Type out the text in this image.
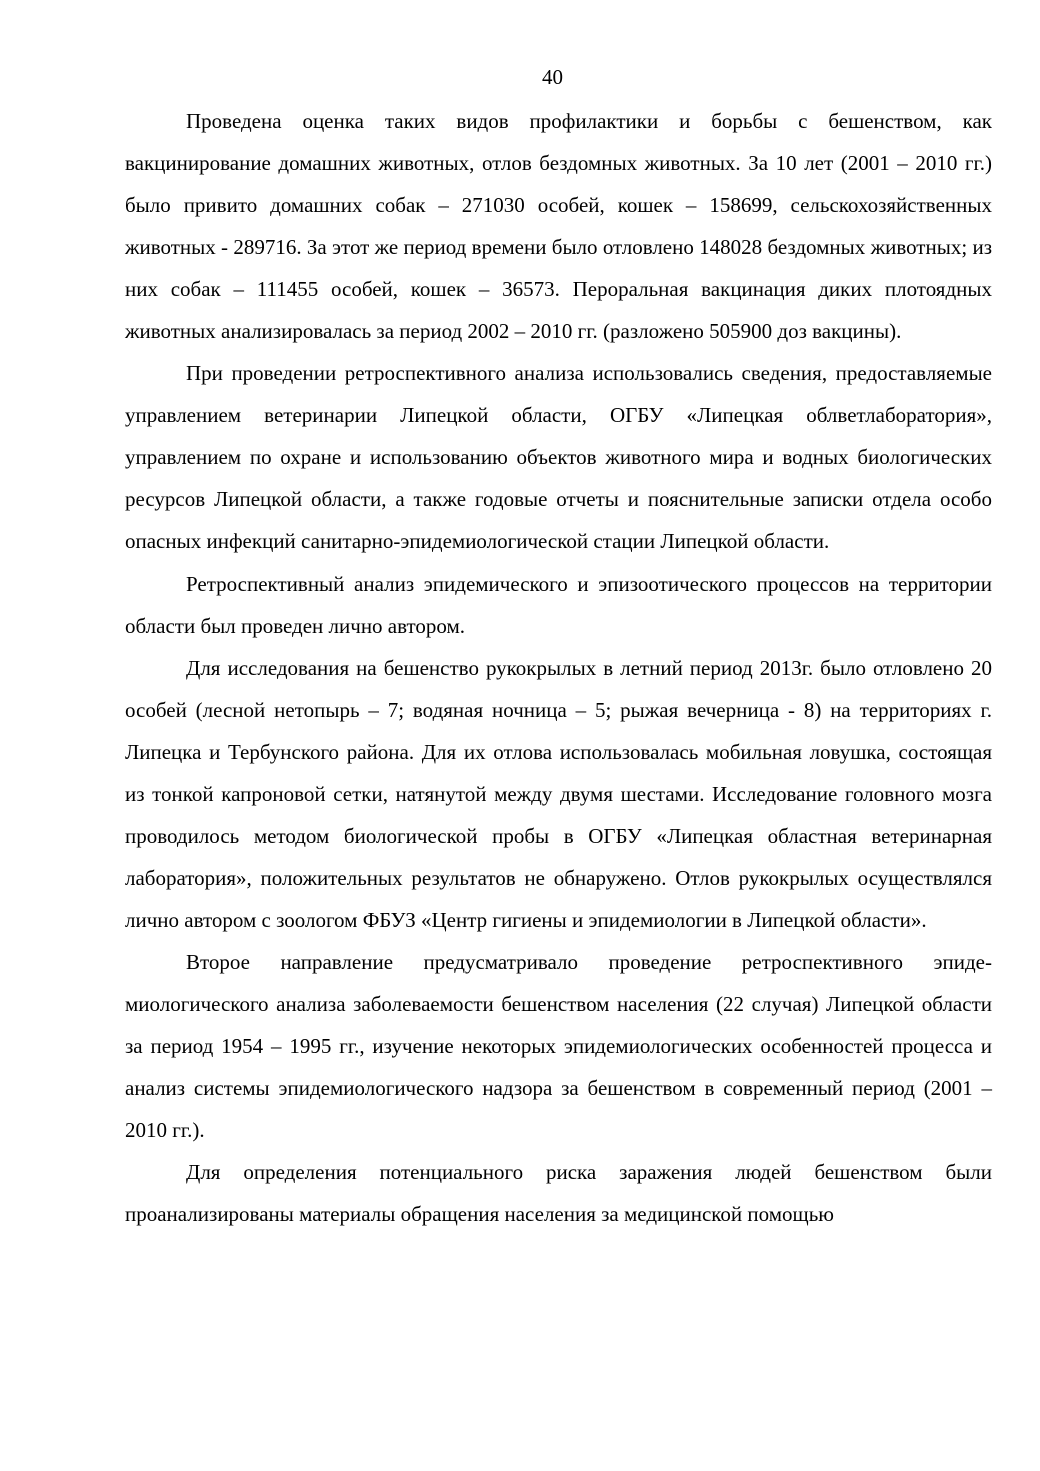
40

Проведена оценка таких видов профилактики и борьбы с бешенством, как вакцинирование домашних животных, отлов бездомных животных. За 10 лет (2001 – 2010 гг.) было привито домашних собак – 271030 особей, кошек – 158699, сельскохозяйственных животных - 289716. За этот же период времени было отловлено 148028 бездомных животных; из них собак – 111455 особей, кошек – 36573. Пероральная вакцинация диких плотоядных животных анализировалась за период 2002 – 2010 гг. (разложено 505900 доз вакцины).

При проведении ретроспективного анализа использовались сведения, предоставляемые управлением ветеринарии Липецкой области, ОГБУ «Липецкая облветлаборатория», управлением по охране и использованию объектов животного мира и водных биологических ресурсов Липецкой области, а также годовые отчеты и пояснительные записки отдела особо опасных инфекций санитарно-эпидемиологической стации Липецкой области.

Ретроспективный анализ эпидемического и эпизоотического процессов на территории области был проведен лично автором.

Для исследования на бешенство рукокрылых в летний период 2013г. было отловлено 20 особей (лесной нетопырь – 7; водяная ночница – 5; рыжая вечерница - 8) на территориях г. Липецка и Тербунского района. Для их отлова использовалась мобильная ловушка, состоящая из тонкой капроновой сетки, натянутой между двумя шестами. Исследование головного мозга проводилось методом биологической пробы в ОГБУ «Липецкая областная ветеринарная лаборатория», положительных результатов не обнаружено. Отлов рукокрылых осуществлялся лично автором с зоологом ФБУЗ «Центр гигиены и эпидемиологии в Липецкой области».

Второе направление предусматривало проведение ретроспективного эпидемиологического анализа заболеваемости бешенством населения (22 случая) Липецкой области за период 1954 – 1995 гг., изучение некоторых эпидемиологических особенностей процесса и анализ системы эпидемиологического надзора за бешенством в современный период (2001 – 2010 гг.).

Для определения потенциального риска заражения людей бешенством были проанализированы материалы обращения населения за медицинской помощью
